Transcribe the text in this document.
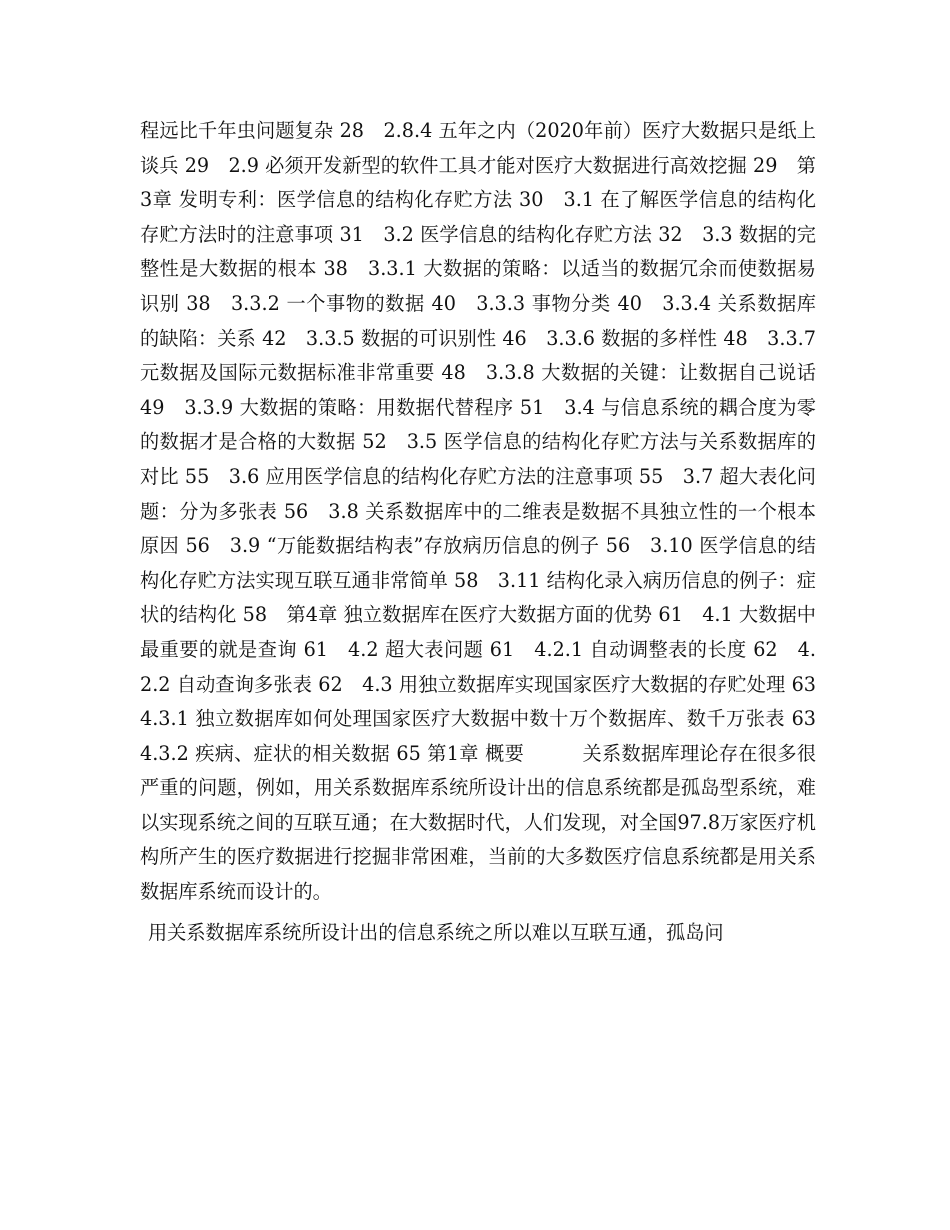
程远比千年虫问题复杂 28　2.8.4 五年之内（2020年前）医疗大数据只是纸上谈兵 29　2.9 必须开发新型的软件工具才能对医疗大数据进行高效挖掘 29　第3章 发明专利：医学信息的结构化存贮方法 30　3.1 在了解医学信息的结构化存贮方法时的注意事项 31　3.2 医学信息的结构化存贮方法 32　3.3 数据的完整性是大数据的根本 38　3.3.1 大数据的策略：以适当的数据冗余而使数据易识别 38　3.3.2 一个事物的数据 40　3.3.3 事物分类 40　3.3.4 关系数据库的缺陷：关系 42　3.3.5 数据的可识别性 46　3.3.6 数据的多样性 48　3.3.7 元数据及国际元数据标准非常重要 48　3.3.8 大数据的关键：让数据自己说话 49　3.3.9 大数据的策略：用数据代替程序 51　3.4 与信息系统的耦合度为零的数据才是合格的大数据 52　3.5 医学信息的结构化存贮方法与关系数据库的对比 55　3.6 应用医学信息的结构化存贮方法的注意事项 55　3.7 超大表化问题：分为多张表 56　3.8 关系数据库中的二维表是数据不具独立性的一个根本原因 56　3.9 “万能数据结构表”存放病历信息的例子 56　3.10 医学信息的结构化存贮方法实现互联互通非常简单 58　3.11 结构化录入病历信息的例子：症状的结构化 58　第4章 独立数据库在医疗大数据方面的优势 61　4.1 大数据中最重要的就是查询 61　4.2 超大表问题 61　4.2.1 自动调整表的长度 62　4.2.2 自动查询多张表 62　4.3 用独立数据库实现国家医疗大数据的存贮处理 63　4.3.1 独立数据库如何处理国家医疗大数据中数十万个数据库、数千万张表 63　4.3.2 疾病、症状的相关数据 65 第1章 概要　　　	关系数据库理论存在很多很严重的问题，例如，用关系数据库系统所设计出的信息系统都是孤岛型系统，难以实现系统之间的互联互通；在大数据时代，人们发现，对全国97.8万家医疗机构所产生的医疗数据进行挖掘非常困难，当前的大多数医疗信息系统都是用关系数据库系统而设计的。

用关系数据库系统所设计出的信息系统之所以难以互联互通，孤岛问
